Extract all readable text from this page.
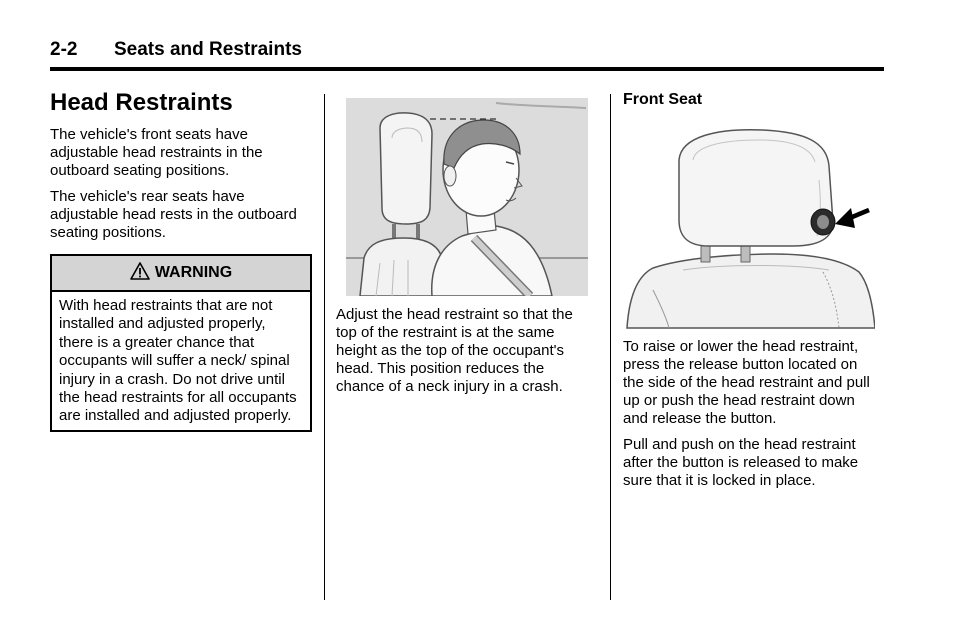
2-2 Seats and Restraints
Head Restraints

The vehicle's front seats have adjustable head restraints in the outboard seating positions.

The vehicle's rear seats have adjustable head rests in the outboard seating positions.

WARNING
With head restraints that are not installed and adjusted properly, there is a greater chance that occupants will suffer a neck/ spinal injury in a crash. Do not drive until the head restraints for all occupants are installed and adjusted properly.

Adjust the head restraint so that the top of the restraint is at the same height as the top of the occupant's head. This position reduces the chance of a neck injury in a crash.

Front Seat

To raise or lower the head restraint, press the release button located on the side of the head restraint and pull up or push the head restraint down and release the button.

Pull and push on the head restraint after the button is released to make sure that it is locked in place.
